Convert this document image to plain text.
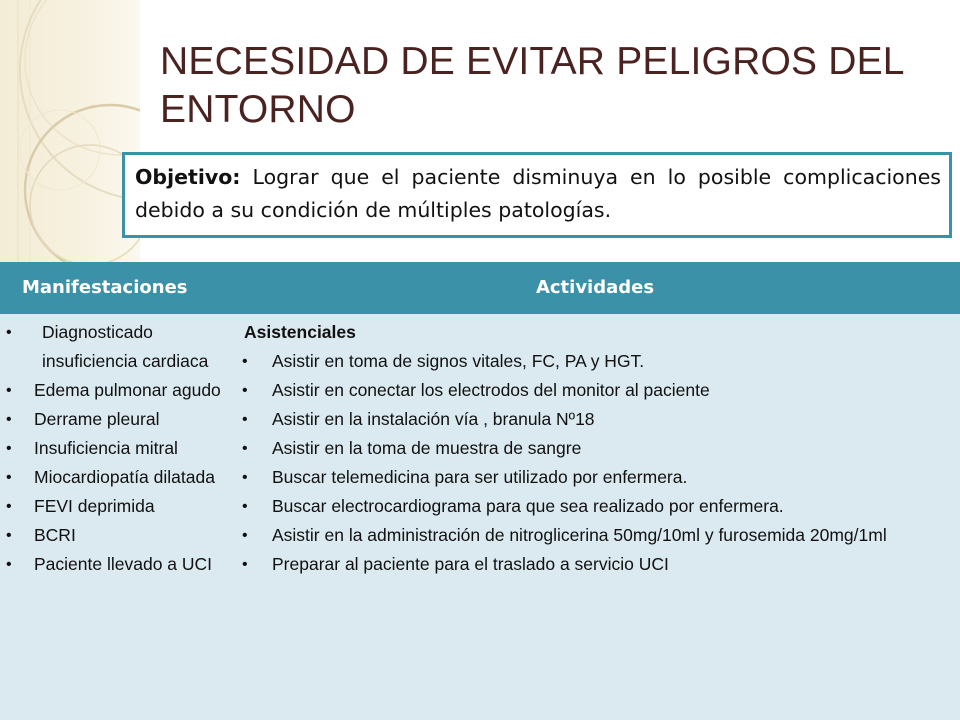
NECESIDAD DE EVITAR PELIGROS DEL ENTORNO
Objetivo: Lograr que el paciente disminuya en lo posible complicaciones debido a su condición de múltiples patologías.
Manifestaciones	Actividades
• Diagnosticado insuficiencia cardiaca
• Edema pulmonar agudo
• Derrame pleural
• Insuficiencia mitral
• Miocardiopatía dilatada
• FEVI deprimida
• BCRI
• Paciente llevado a UCI
Asistenciales
• Asistir en toma de signos vitales, FC, PA y HGT.
• Asistir en conectar los electrodos del monitor al paciente
• Asistir en la instalación vía , branula Nº18
• Asistir en la toma de muestra de sangre
• Buscar telemedicina para ser utilizado por enfermera.
• Buscar electrocardiograma para que sea realizado por enfermera.
• Asistir en la administración de nitroglicerina 50mg/10ml y furosemida 20mg/1ml
• Preparar al paciente para el traslado a servicio UCI
